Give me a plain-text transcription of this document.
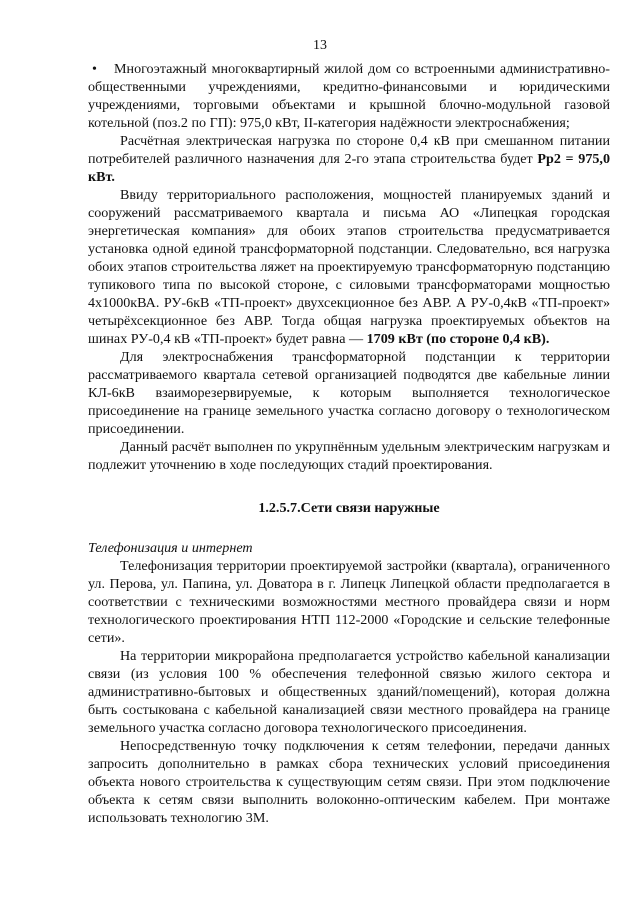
13

• Многоэтажный многоквартирный жилой дом со встроенными административно-общественными учреждениями, кредитно-финансовыми и юридическими учреждениями, торговыми объектами и крышной блочно-модульной газовой котельной (поз.2 по ГП): 975,0 кВт, II-категория надёжности электроснабжения;

Расчётная электрическая нагрузка по стороне 0,4 кВ при смешанном питании потребителей различного назначения для 2-го этапа строительства будет Pр2 = 975,0 кВт.

Ввиду территориального расположения, мощностей планируемых зданий и сооружений рассматриваемого квартала и письма АО «Липецкая городская энергетическая компания» для обоих этапов строительства предусматривается установка одной единой трансформаторной подстанции. Следовательно, вся нагрузка обоих этапов строительства ляжет на проектируемую трансформаторную подстанцию тупикового типа по высокой стороне, с силовыми трансформаторами мощностью 4х1000кВА. РУ-6кВ «ТП-проект» двухсекционное без АВР. А РУ-0,4кВ «ТП-проект» четырёхсекционное без АВР. Тогда общая нагрузка проектируемых объектов на шинах РУ-0,4 кВ «ТП-проект» будет равна — 1709 кВт (по стороне 0,4 кВ).

Для электроснабжения трансформаторной подстанции к территории рассматриваемого квартала сетевой организацией подводятся две кабельные линии КЛ-6кВ взаиморезервируемые, к которым выполняется технологическое присоединение на границе земельного участка согласно договору о технологическом присоединении.

Данный расчёт выполнен по укрупнённым удельным электрическим нагрузкам и подлежит уточнению в ходе последующих стадий проектирования.

1.2.5.7.Сети связи наружные

Телефонизация и интернет

Телефонизация территории проектируемой застройки (квартала), ограниченного ул. Перова, ул. Папина, ул. Доватора в г. Липецк Липецкой области предполагается в соответствии с техническими возможностями местного провайдера связи и норм технологического проектирования НТП 112-2000 «Городские и сельские телефонные сети».

На территории микрорайона предполагается устройство кабельной канализации связи (из условия 100 % обеспечения телефонной связью жилого сектора и административно-бытовых и общественных зданий/помещений), которая должна быть состыкована с кабельной канализацией связи местного провайдера на границе земельного участка согласно договора технологического присоединения.

Непосредственную точку подключения к сетям телефонии, передачи данных запросить дополнительно в рамках сбора технических условий присоединения объекта нового строительства к существующим сетям связи. При этом подключение объекта к сетям связи выполнить волоконно-оптическим кабелем. При монтаже использовать технологию 3М.
